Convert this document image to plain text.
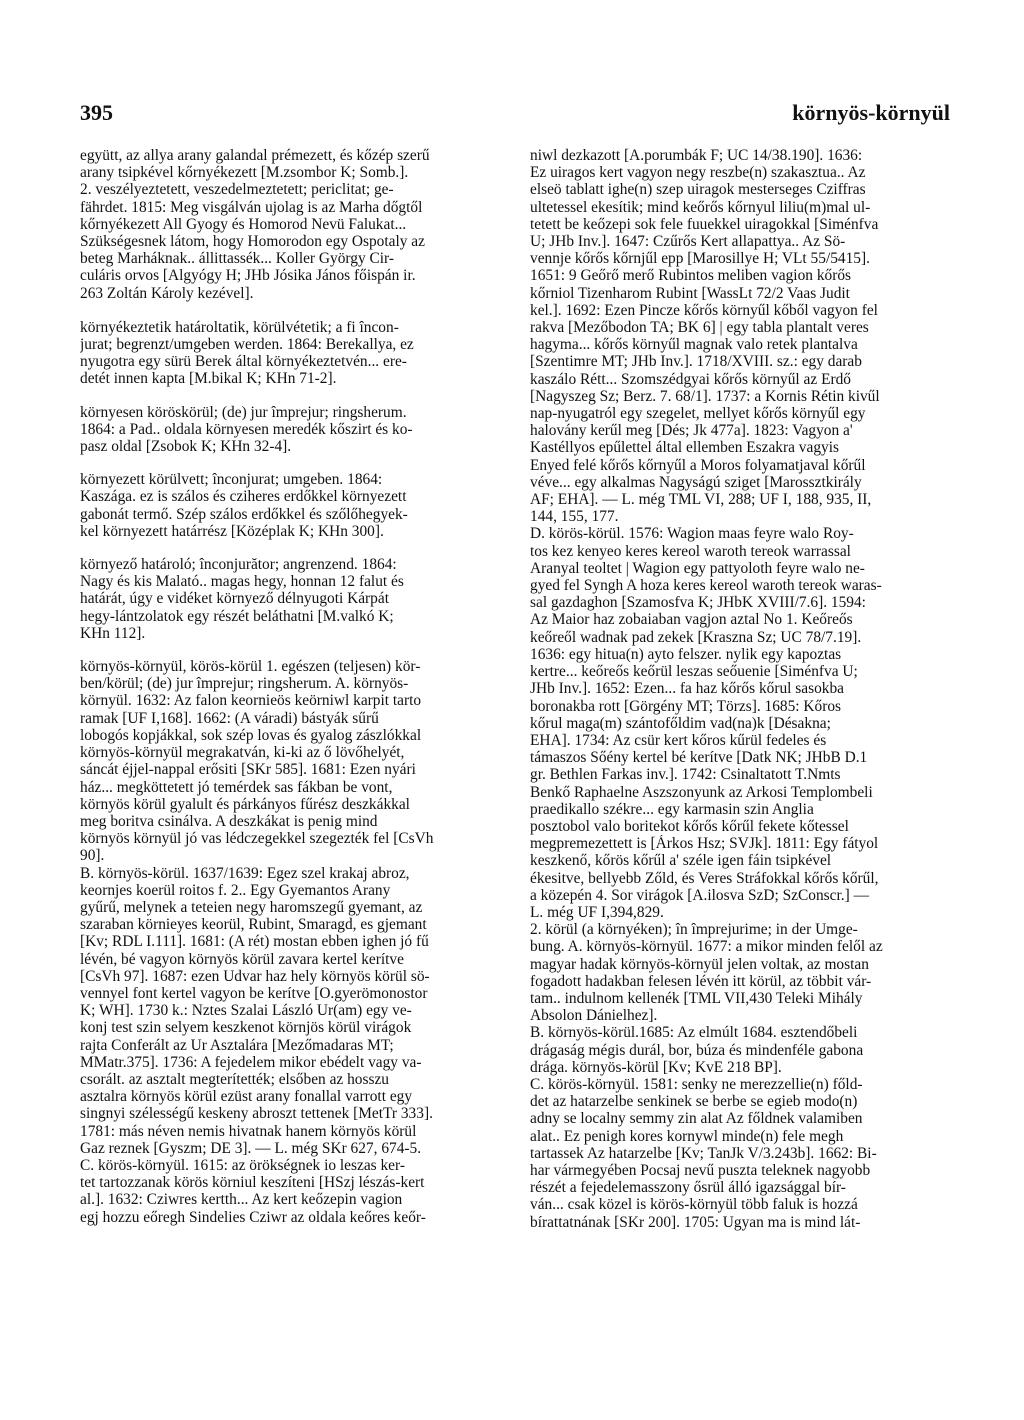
395	környös-környül
együtt, az allya arany galandal prémezett, és kőzép szerű
arany tsipkével kőrnyékezett [M.zsombor K; Somb.].
2. veszélyeztetett, veszedelmeztetett; periclitat; ge-
fährdet. 1815: Meg visgálván ujolag is az Marha dőgtől
kőrnyékezett All Gyogy és Homorod Nevü Falukat...
Szükségesnek látom, hogy Homorodon egy Ospotaly az
beteg Marháknak.. állittassék... Koller György Cir-
culáris orvos [Algyógy H; JHb Jósika János főispán ir.
263 Zoltán Károly kezével].
környékeztetik határoltatik, körülvétetik; a fi încon-
jurat; begrenzt/umgeben werden. 1864: Berekallya, ez
nyugotra egy sürü Berek által környékeztetvén... ere-
detét innen kapta [M.bikal K; KHn 71-2].
környesen köröskörül; (de) jur împrejur; ringsherum.
1864: a Pad.. oldala környesen meredék kőszirt és ko-
pasz oldal [Zsobok K; KHn 32-4].
környezett körülvett; înconjurat; umgeben. 1864:
Kaszága. ez is szálos és cziheres erdőkkel környezett
gabonát termő. Szép szálos erdőkkel és szőlőhegyek-
kel környezett határrész [Középlak K; KHn 300].
környező határoló; înconjurător; angrenzend. 1864:
Nagy és kis Malató.. magas hegy, honnan 12 falut és
határát, úgy e vidéket környező délnyugoti Kárpát
hegy-lántzolatok egy részét beláthatni [M.valkó K;
KHn 112].
környös-környül, körös-körül 1. egészen (teljesen) kör-
ben/körül; (de) jur împrejur; ringsherum. A. környös-
környül. 1632: Az falon keornieös keörniwl karpit tarto
ramak [UF I,168]. 1662: (A váradi) bástyák sűrű
lobogós kopjákkal, sok szép lovas és gyalog zászlókkal
környös-környül megrakatván, ki-ki az ő lövőhelyét,
sáncát éjjel-nappal erősiti [SKr 585]. 1681: Ezen nyári
ház... megköttetett jó temérdek sas fákban be vont,
környös körül gyalult és párkányos fűrész deszkákkal
meg boritva csinálva. A deszkákat is penig mind
környös környül jó vas lédczegekkel szegezték fel [CsVh
90].
B. környös-körül. 1637/1639: Egez szel krakaj abroz,
keornjes koerül roitos f. 2.. Egy Gyemantos Arany
gyűrű, melynek a teteien negy haromszegű gyemant, az
szaraban körnieyes keorül, Rubint, Smaragd, es gjemant
[Kv; RDL I.111]. 1681: (A rét) mostan ebben ighen jó fű
lévén, bé vagyon környös körül zavara kertel kerítve
[CsVh 97]. 1687: ezen Udvar haz hely környös körül sö-
vennyel font kertel vagyon be kerítve [O.gyerömonostor
K; WH]. 1730 k.: Nztes Szalai László Ur(am) egy ve-
konj test szin selyem keszkenot körnjös körül virágok
rajta Conferált az Ur Asztalára [Mezőmadaras MT;
MMatr.375]. 1736: A fejedelem mikor ebédelt vagy va-
csorált. az asztalt megterítették; elsőben az hosszu
asztalra környös körül ezüst arany fonallal varrott egy
singnyi szélességű keskeny abroszt tettenek [MetTr 333].
1781: más néven nemis hivatnak hanem környös körül
Gaz reznek [Gyszm; DE 3]. — L. még SKr 627, 674-5.
C. körös-környül. 1615: az örökségnek io leszas ker-
tet tartozzanak körös körniul keszíteni [HSzj lészás-kert
al.]. 1632: Cziwres kertth... Az kert keőzepin vagion
egj hozzu eőregh Sindelies Cziwr az oldala keőres keőr-
niwl dezkazott [A.porumbák F; UC 14/38.190]. 1636:
Ez uiragos kert vagyon negy reszbe(n) szakasztua.. Az
elseö tablatt ighe(n) szep uiragok mesterseges Cziffras
ultetessel ekesítik; mind keőrős kőrnyul liliu(m)mal ul-
tetett be keőzepi sok fele fuuekkel uiragokkal [Siménfva
U; JHb Inv.]. 1647: Czűrős Kert allapattya.. Az Sö-
vennje kőrős kőrnjűl epp [Marosillye H; VLt 55/5415].
1651: 9 Geőrő merő Rubintos meliben vagion kőrős
kőrniol Tizenharom Rubint [WassLt 72/2 Vaas Judit
kel.]. 1692: Ezen Pincze kőrős környűl kőből vagyon fel
rakva [Mezőbodon TA; BK 6] | egy tabla plantalt veres
hagyma... kőrős környűl magnak valo retek plantalva
[Szentimre MT; JHb Inv.]. 1718/XVIII. sz.: egy darab
kaszálo Rétt... Szomszédgyai kőrős környűl az Erdő
[Nagyszeg Sz; Berz. 7. 68/1]. 1737: a Kornis Rétin kivűl
nap-nyugatról egy szegelet, mellyet kőrős környűl egy
halovány kerűl meg [Dés; Jk 477a]. 1823: Vagyon a'
Kastéllyos epűlettel által ellemben Eszakra vagyis
Enyed felé kőrős kőrnyűl a Moros folyamatjaval kőrűl
véve... egy alkalmas Nagyságú sziget [Marossztkirály
AF; EHA]. — L. még TML VI, 288; UF I, 188, 935, II,
144, 155, 177.
D. körös-körül. 1576: Wagion maas feyre walo Roy-
tos kez kenyeo keres kereol waroth tereok warrassal
Aranyal teoltet | Wagion egy pattyoloth feyre walo ne-
gyed fel Syngh A hoza keres kereol waroth tereok waras-
sal gazdaghon [Szamosfva K; JHbK XVIII/7.6]. 1594:
Az Maior haz zobaiaban vagjon aztal No 1. Keőreős
keőreől wadnak pad zekek [Kraszna Sz; UC 78/7.19].
1636: egy hitua(n) ayto felszer. nylik egy kapoztas
kertre... keőreős keőrül leszas seőuenie [Siménfva U;
JHb Inv.]. 1652: Ezen... fa haz kőrős kőrul sasokba
boronakba rott [Görgény MT; Törzs]. 1685: Kőros
kőrul maga(m) szántofőldim vad(na)k [Désakna;
EHA]. 1734: Az csür kert kőros kűrül fedeles és
támaszos Sőény kertel bé kerítve [Datk NK; JHbB D.1
gr. Bethlen Farkas inv.]. 1742: Csinaltatott T.Nmts
Benkő Raphaelne Aszszonyunk az Arkosi Templombeli
praedikallo székre... egy karmasin szin Anglia
posztobol valo boritekot kőrős kőrűl fekete kőtessel
megpremezettett is [Árkos Hsz; SVJk]. 1811: Egy fátyol
keszkenő, kőrös kőrűl a' széle igen fáin tsipkével
ékesitve, bellyebb Zőld, és Veres Stráfokkal kőrős kőrűl,
a közepén 4. Sor virágok [A.ilosva SzD; SzConscr.] —
L. még UF I,394,829.
2. körül (a környéken); în împrejurime; in der Umge-
bung. A. környös-környül. 1677: a mikor minden felől az
magyar hadak környös-környül jelen voltak, az mostan
fogadott hadakban felesen lévén itt körül, az többit vár-
tam.. indulnom kellenék [TML VII,430 Teleki Mihály
Absolon Dánielhez].
B. környös-körül.1685: Az elmúlt 1684. esztendőbeli
drágaság mégis durál, bor, búza és mindenféle gabona
drága. környös-körül [Kv; KvE 218 BP].
C. körös-környül. 1581: senky ne merezzellie(n) főld-
det az hatarzelbe senkinek se berbe se egieb modo(n)
adny se localny semmy zin alat Az főldnek valamiben
alat.. Ez penigh kores kornywl minde(n) fele megh
tartassek Az hatarzelbe [Kv; TanJk V/3.243b]. 1662: Bi-
har vármegyében Pocsaj nevű puszta teleknek nagyobb
részét a fejedelemasszony ősrül álló igazsággal bír-
ván... csak közel is körös-környül több faluk is hozzá
bírattatnának [SKr 200]. 1705: Ugyan ma is mind lát-
